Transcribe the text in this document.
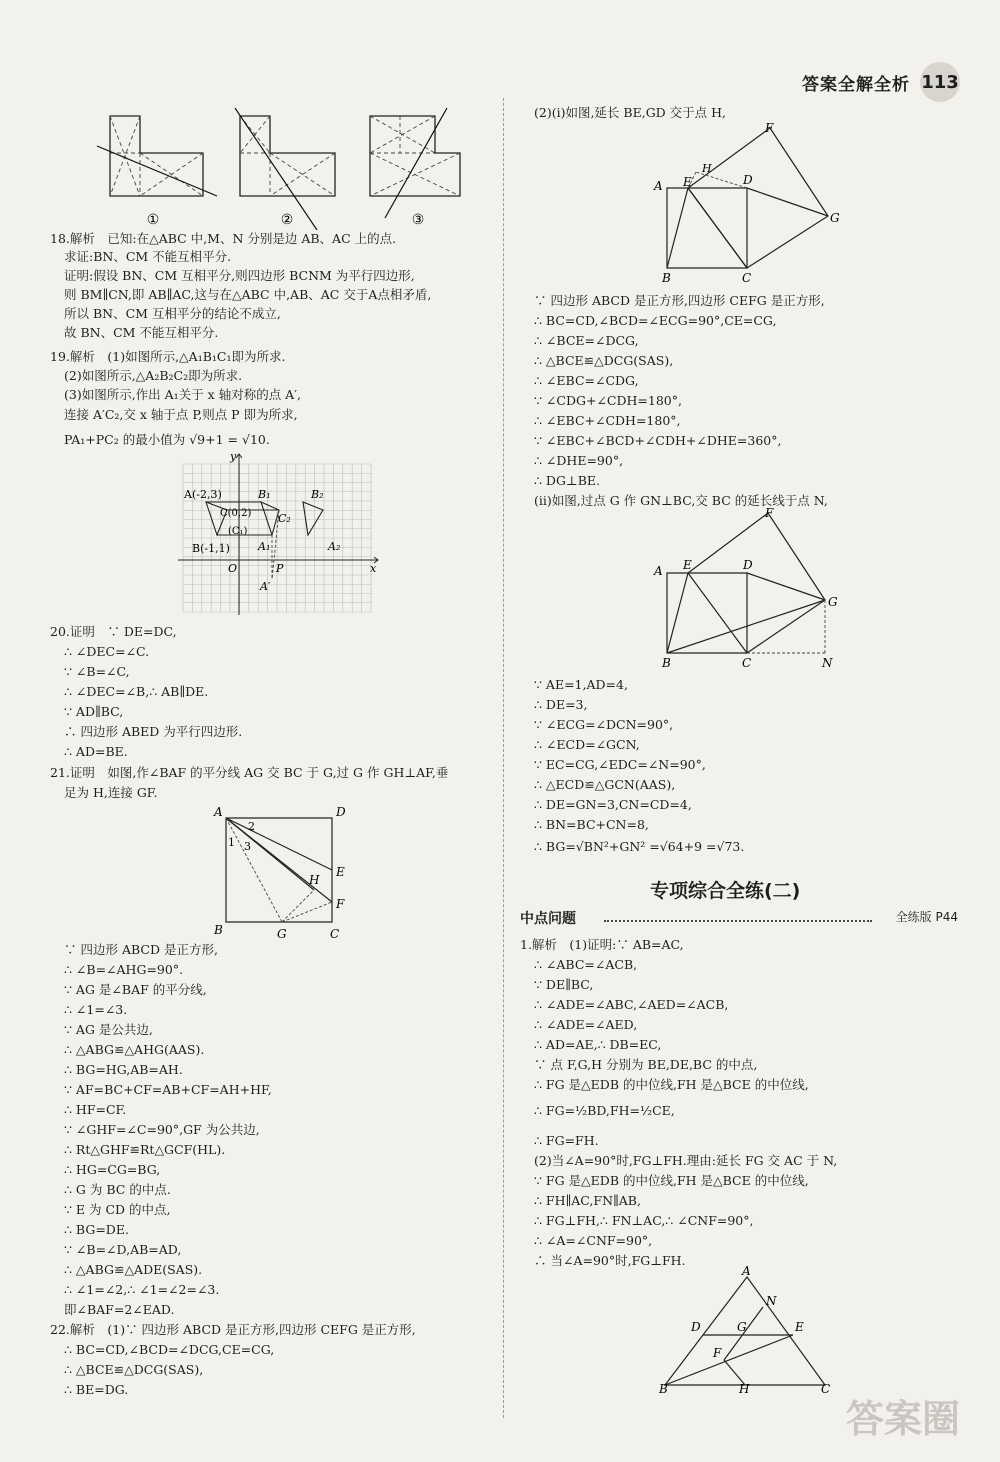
答案全解全析 113
18.解析　已知:在△ABC 中,M、N 分别是边 AB、AC 上的点.
求证:BN、CM 不能互相平分.
证明:假设 BN、CM 互相平分,则四边形 BCNM 为平行四边形,
则 BM∥CN,即 AB∥AC,这与在△ABC 中,AB、AC 交于A点相矛盾,
所以 BN、CM 互相平分的结论不成立,
故 BN、CM 不能互相平分.
19.解析　(1)如图所示,△A₁B₁C₁即为所求.
(2)如图所示,△A₂B₂C₂即为所求.
(3)如图所示,作出 A₁关于 x 轴对称的点 A′,
连接 A′C₂,交 x 轴于点 P,则点 P 即为所求,
PA₁+PC₂ 的最小值为 √9+1 = √10.
20.证明　∵ DE=DC,
∴ ∠DEC=∠C.
∵ ∠B=∠C,
∴ ∠DEC=∠B,∴ AB∥DE.
∵ AD∥BC,
∴ 四边形 ABED 为平行四边形.
∴ AD=BE.
21.证明　如图,作∠BAF 的平分线 AG 交 BC 于 G,过 G 作 GH⊥AF,垂
足为 H,连接 GF.
∵ 四边形 ABCD 是正方形,
∴ ∠B=∠AHG=90°.
∵ AG 是∠BAF 的平分线,
∴ ∠1=∠3.
∵ AG 是公共边,
∴ △ABG≌△AHG(AAS).
∴ BG=HG,AB=AH.
∵ AF=BC+CF=AB+CF=AH+HF,
∴ HF=CF.
∵ ∠GHF=∠C=90°,GF 为公共边,
∴ Rt△GHF≌Rt△GCF(HL).
∴ HG=CG=BG,
∴ G 为 BC 的中点.
∵ E 为 CD 的中点,
∴ BG=DE.
∵ ∠B=∠D,AB=AD,
∴ △ABG≌△ADE(SAS).
∴ ∠1=∠2,∴ ∠1=∠2=∠3.
即∠BAF=2∠EAD.
22.解析　(1)∵ 四边形 ABCD 是正方形,四边形 CEFG 是正方形,
∴ BC=CD,∠BCD=∠DCG,CE=CG,
∴ △BCE≌△DCG(SAS),
∴ BE=DG.
(2)(i)如图,延长 BE,GD 交于点 H,
∵ 四边形 ABCD 是正方形,四边形 CEFG 是正方形,
∴ BC=CD,∠BCD=∠ECG=90°,CE=CG,
∴ ∠BCE=∠DCG,
∴ △BCE≌△DCG(SAS),
∴ ∠EBC=∠CDG,
∵ ∠CDG+∠CDH=180°,
∴ ∠EBC+∠CDH=180°,
∵ ∠EBC+∠BCD+∠CDH+∠DHE=360°,
∴ ∠DHE=90°,
∴ DG⊥BE.
(ii)如图,过点 G 作 GN⊥BC,交 BC 的延长线于点 N,
∵ AE=1,AD=4,
∴ DE=3,
∵ ∠ECG=∠DCN=90°,
∴ ∠ECD=∠GCN,
∵ EC=CG,∠EDC=∠N=90°,
∴ △ECD≌△GCN(AAS),
∴ DE=GN=3,CN=CD=4,
∴ BN=BC+CN=8,
∴ BG=√BN²+GN² =√64+9 =√73.
1.解析　(1)证明:∵ AB=AC,
∴ ∠ABC=∠ACB,
∵ DE∥BC,
∴ ∠ADE=∠ABC,∠AED=∠ACB,
∴ ∠ADE=∠AED,
∴ AD=AE,∴ DB=EC,
∵ 点 F,G,H 分别为 BE,DE,BC 的中点,
∴ FG 是△EDB 的中位线,FH 是△BCE 的中位线,
∴ FG=½BD,FH=½CE,
∴ FG=FH.
(2)当∠A=90°时,FG⊥FH.理由:延长 FG 交 AC 于 N,
∵ FG 是△EDB 的中位线,FH 是△BCE 的中位线,
∴ FH∥AC,FN∥AB,
∴ FG⊥FH,∴ FN⊥AC,∴ ∠CNF=90°,
∴ ∠A=∠CNF=90°,
∴ 当∠A=90°时,FG⊥FH.
①	②	③
y
x
A(-2,3)
C(0,2)
(C₁)
B(-1,1)
O
B₁
A₁
P
A′
C₂
B₂
A₂
A	D
B	G	C
E
F
H
1
2
3
A E
H
D
F
G
B	C
A E	D
F
G
B	C	N
专项综合全练(二)
中点问题	全练版 P44
A
N
D	G	E
F
B	H	C
答案圈
